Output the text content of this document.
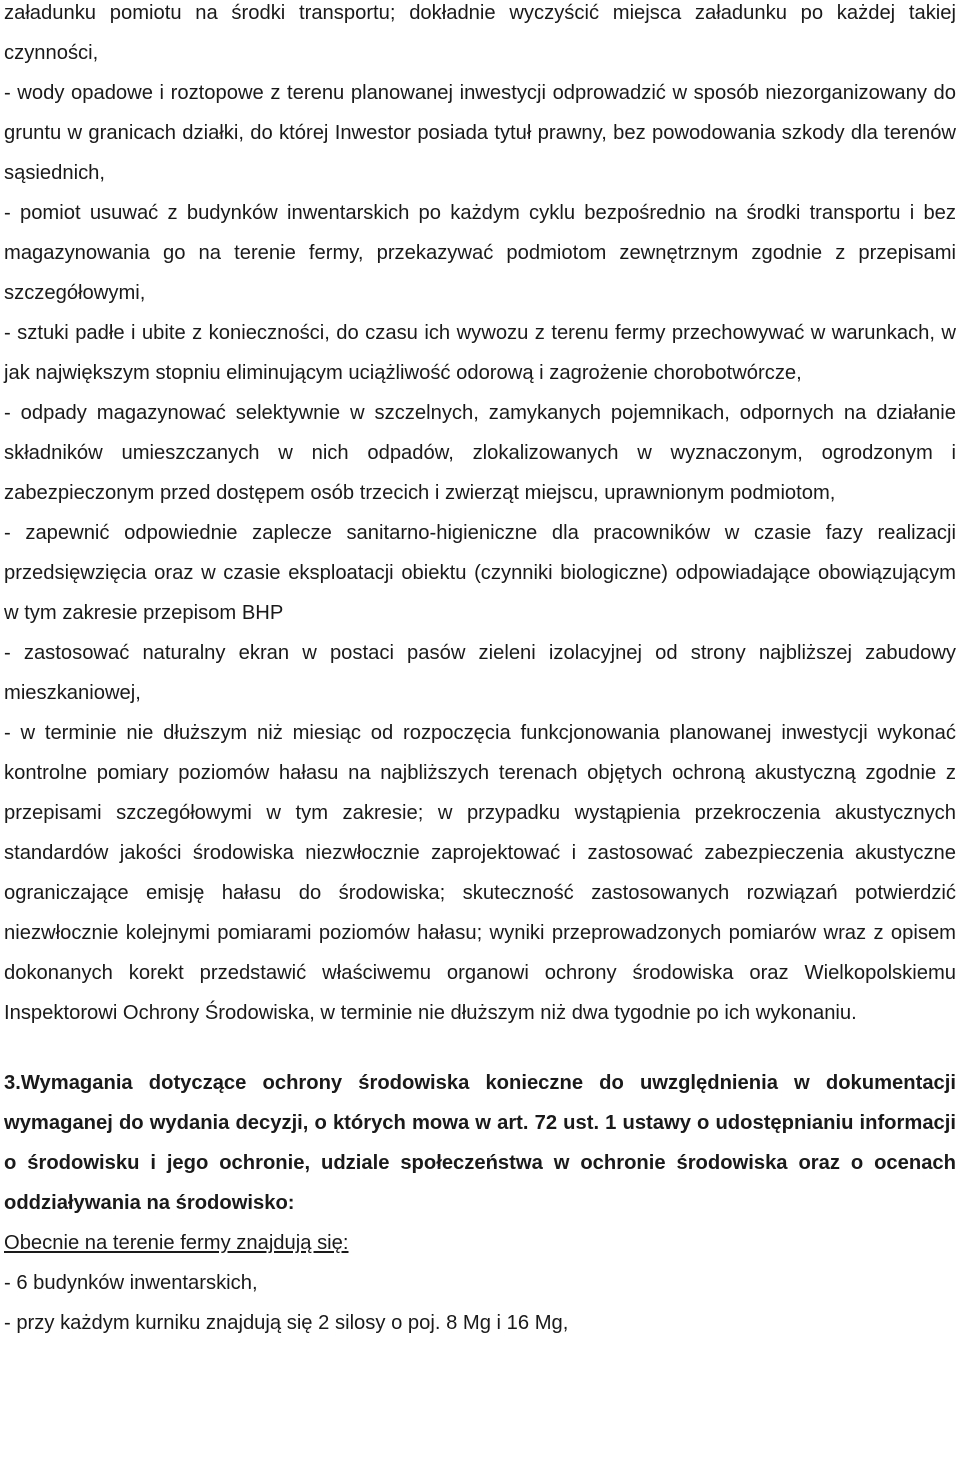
załadunku pomiotu na środki transportu; dokładnie wyczyścić miejsca załadunku po każdej takiej czynności,

- wody opadowe i roztopowe z terenu planowanej inwestycji odprowadzić w sposób niezorganizowany do gruntu w granicach działki, do której Inwestor posiada tytuł prawny, bez powodowania szkody dla terenów sąsiednich,

- pomiot usuwać z budynków inwentarskich po każdym cyklu bezpośrednio na środki transportu i bez magazynowania go na terenie fermy, przekazywać podmiotom zewnętrznym zgodnie z przepisami szczegółowymi,

- sztuki padłe i ubite z konieczności, do czasu ich wywozu z terenu fermy przechowywać w warunkach, w jak największym stopniu eliminującym uciążliwość odorową i zagrożenie chorobotwórcze,

- odpady magazynować selektywnie w szczelnych, zamykanych pojemnikach, odpornych na działanie składników umieszczanych w nich odpadów, zlokalizowanych w wyznaczonym, ogrodzonym i zabezpieczonym przed dostępem osób trzecich i zwierząt miejscu, uprawnionym podmiotom,

- zapewnić odpowiednie zaplecze sanitarno-higieniczne dla pracowników w czasie fazy realizacji przedsięwzięcia oraz w czasie eksploatacji obiektu (czynniki biologiczne) odpowiadające obowiązującym w tym zakresie przepisom BHP

- zastosować naturalny ekran w postaci pasów zieleni izolacyjnej od strony najbliższej zabudowy mieszkaniowej,

- w terminie nie dłuższym niż miesiąc od rozpoczęcia funkcjonowania planowanej inwestycji wykonać kontrolne pomiary poziomów hałasu na najbliższych terenach objętych ochroną akustyczną zgodnie z przepisami szczegółowymi w tym zakresie; w przypadku wystąpienia przekroczenia akustycznych standardów jakości środowiska niezwłocznie zaprojektować i zastosować zabezpieczenia akustyczne ograniczające emisję hałasu do środowiska; skuteczność zastosowanych rozwiązań potwierdzić niezwłocznie kolejnymi pomiarami poziomów hałasu; wyniki przeprowadzonych pomiarów wraz z opisem dokonanych korekt przedstawić właściwemu organowi ochrony środowiska oraz Wielkopolskiemu Inspektorowi Ochrony Środowiska, w terminie nie dłuższym niż dwa tygodnie po ich wykonaniu.

3.Wymagania dotyczące ochrony środowiska konieczne do uwzględnienia w dokumentacji wymaganej do wydania decyzji, o których mowa w art. 72 ust. 1 ustawy o udostępnianiu informacji o środowisku i jego ochronie, udziale społeczeństwa w ochronie środowiska oraz o ocenach oddziaływania na środowisko:

Obecnie na terenie fermy znajdują się:

- 6 budynków inwentarskich,

- przy każdym kurniku znajdują się 2 silosy o poj. 8 Mg i 16 Mg,
